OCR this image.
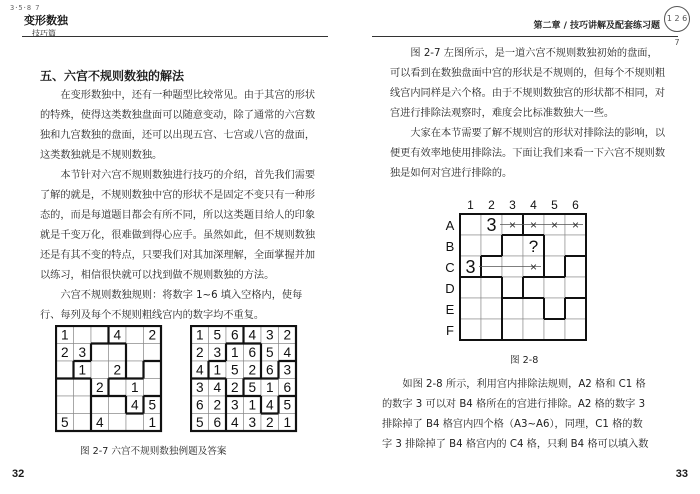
3·5·8 7
变形数独
技巧篇
五、六宫不规则数独的解法

在变形数独中，还有一种题型比较常见。由于其宫的形状的特殊，使得这类数独盘面可以随意变动，除了通常的六宫数独和九宫数独的盘面，还可以出现五宫、七宫或八宫的盘面，这类数独就是不规则数独。

本节针对六宫不规则数独进行技巧的介绍，首先我们需要了解的就是，不规则数独中宫的形状不是固定不变只有一种形态的，而是每道题目都会有所不同，所以这类题目给人的印象就是千变万化，很难做到得心应手。虽然如此，但不规则数独还是有其不变的特点，只要我们对其加深理解，全面掌握并加以练习，相信很快就可以找到做不规则数独的方法。

六宫不规则数独规则：将数字 1~6 填入空格内，使每行、每列及每个不规则粗线宫内的数字均不重复。

1	4 2
2 3
1 2
2 1
4 5
5 4	1
1 5 6 4 3 2
2 3 1 6 5 4
4 1 5 2 6 3
3 4 2 5 1 6
6 2 3 1 4 5
5 6 4 3 2 1
图 2-7 六宫不规则数独例题及答案
32
第二章 / 技巧讲解及配套练习题
1 2 6 7

图 2-7 左图所示，是一道六宫不规则数独初始的盘面，可以看到在数独盘面中宫的形状是不规则的，但每个不规则粗线宫内同样是六个格。由于不规则数独宫的形状都不相同，对宫进行排除法观察时，难度会比标准数独大一些。

大家在本节需要了解不规则宫的形状对排除法的影响，以便更有效率地使用排除法。下面让我们来看一下六宫不规则数独是如何对宫进行排除的。

1 2 3 4 5 6
A
B
C
D
E
F
3
3
× × × ×
×
?
图 2-8
如图 2-8 所示，利用宫内排除法规则，A2 格和 C1 格
的数字 3 可以对 B4 格所在的宫进行排除。A2 格的数字 3
排除掉了 B4 格宫内四个格（A3~A6），同理，C1 格的数
字 3 排除掉了 B4 格宫内的 C4 格，只剩 B4 格可以填入数
33
